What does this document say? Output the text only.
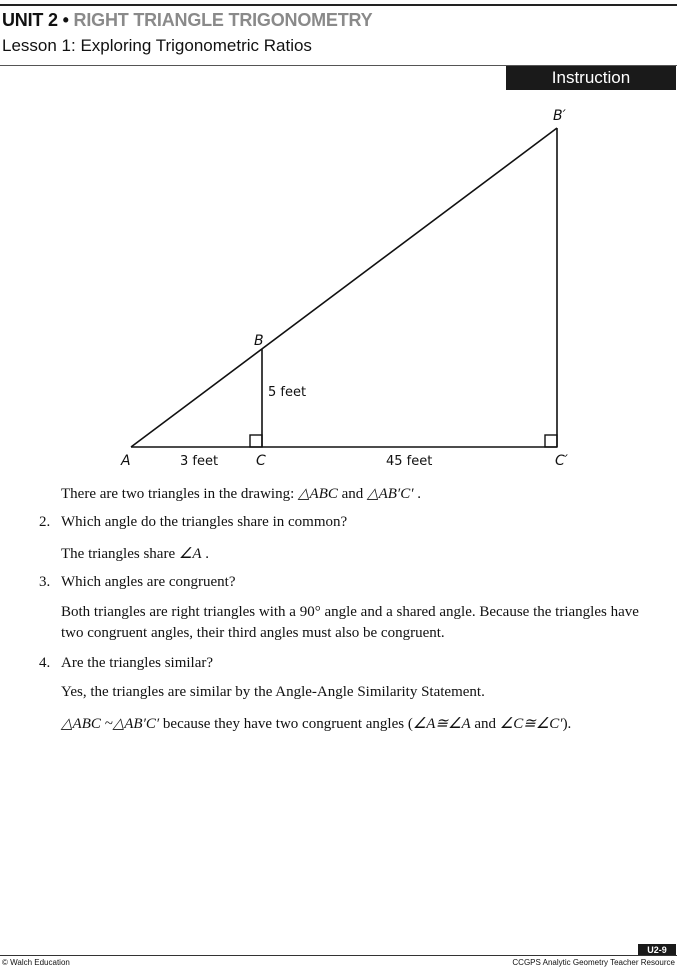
UNIT 2 • RIGHT TRIANGLE TRIGONOMETRY
Lesson 1: Exploring Trigonometric Ratios
Instruction
A
B
C
B′
C′
5 feet
3 feet	45 feet
There are two triangles in the drawing: △ABC and △AB′C′ .
2. Which angle do the triangles share in common?
The triangles share ∠A .
3. Which angles are congruent?
Both triangles are right triangles with a 90° angle and a shared angle. Because the triangles have
two congruent angles, their third angles must also be congruent.
4. Are the triangles similar?
Yes, the triangles are similar by the Angle-Angle Similarity Statement.
△ABC ~△AB′C′ because they have two congruent angles (∠A≅∠A and ∠C≅∠C′).
U2-9
© Walch Education	CCGPS Analytic Geometry Teacher Resource
